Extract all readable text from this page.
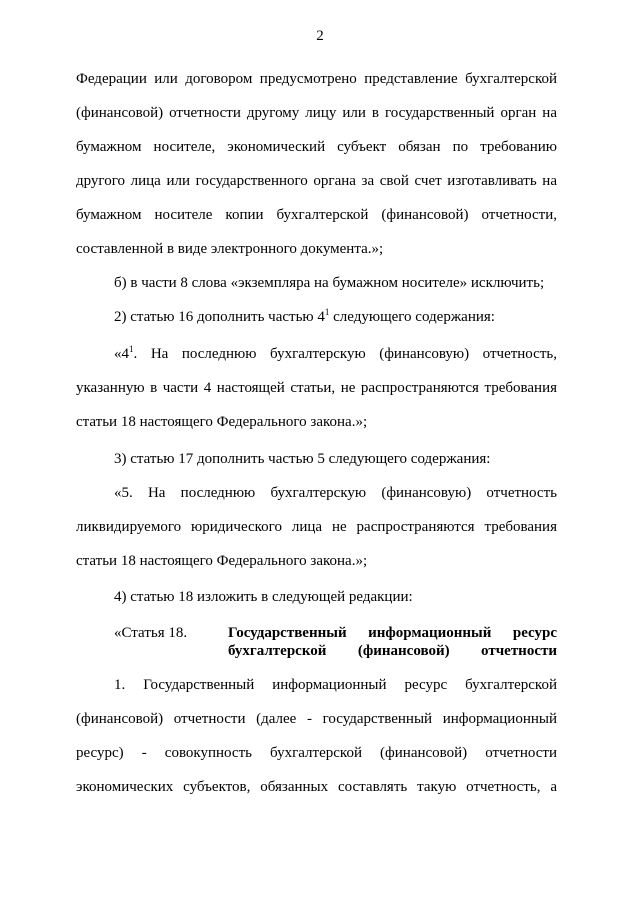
2
Федерации или договором предусмотрено представление бухгалтерской
(финансовой) отчетности другому лицу или в государственный орган на
бумажном носителе, экономический субъект обязан по требованию
другого лица или государственного органа за свой счет изготавливать на
бумажном носителе копии бухгалтерской (финансовой) отчетности,
составленной в виде электронного документа.»;
б) в части 8 слова «экземпляра на бумажном носителе» исключить;
2) статью 16 дополнить частью $4^1$ следующего содержания:
«$4^1$. На последнюю бухгалтерскую (финансовую) отчетность,
указанную в части 4 настоящей статьи, не распространяются требования
статьи 18 настоящего Федерального закона.»;
3) статью 17 дополнить частью 5 следующего содержания:
«5. На последнюю бухгалтерскую (финансовую) отчетность
ликвидируемого юридического лица не распространяются требования
статьи 18 настоящего Федерального закона.»;
4) статью 18 изложить в следующей редакции:
«Статья 18.	Государственный информационный ресурс
бухгалтерской (финансовой) отчетности
1. Государственный информационный ресурс бухгалтерской
(финансовой) отчетности (далее - государственный информационный
ресурс) - совокупность бухгалтерской (финансовой) отчетности
экономических субъектов, обязанных составлять такую отчетность, а
